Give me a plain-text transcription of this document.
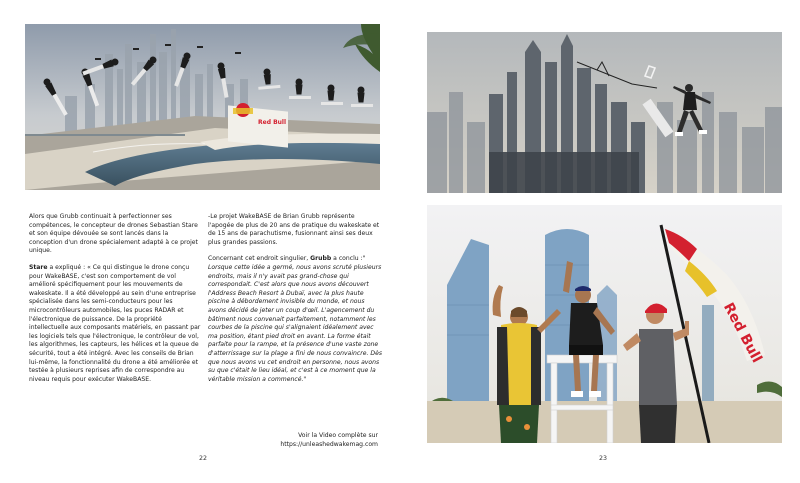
Red Bull

Alors que Grubb continuait à perfectionner ses compétences, le concepteur de drones Sebastian Stare et son équipe dévouée se sont lancés dans la conception d'un drone spécialement adapté à ce projet unique.

Stare a expliqué : « Ce qui distingue le drone conçu pour WakeBASE, c'est son comportement de vol amélioré spécifiquement pour les mouvements de wakeskate. Il a été développé au sein d'une entreprise spécialisée dans les semi-conducteurs pour les microcontrôleurs automobiles, les puces RADAR et l'électronique de puissance. De la propriété intellectuelle aux composants matériels, en passant par les logiciels tels que l'électronique, le contrôleur de vol, les algorithmes, les capteurs, les hélices et la queue de sécurité, tout a été intégré. Avec les conseils de Brian lui-même, la fonctionnalité du drone a été améliorée et testée à plusieurs reprises afin de correspondre au niveau requis pour exécuter WakeBASE.

-Le projet WakeBASE de Brian Grubb représente l'apogée de plus de 20 ans de pratique du wakeskate et de 15 ans de parachutisme, fusionnant ainsi ses deux plus grandes passions.

Concernant cet endroit singulier, Grubb a conclu :" Lorsque cette idée a germé, nous avons scruté plusieurs endroits, mais il n'y avait pas grand-chose qui correspondait. C'est alors que nous avons découvert l'Address Beach Resort à Dubaï, avec la plus haute piscine à débordement invisible du monde, et nous avons décidé de jeter un coup d'œil. L'agencement du bâtiment nous convenait parfaitement, notamment les courbes de la piscine qui s'alignaient idéalement avec ma position, étant pied droit en avant. La forme était parfaite pour la rampe, et la présence d'une vaste zone d'atterrissage sur la plage a fini de nous convaincre. Dès que nous avons vu cet endroit en personne, nous avons su que c'était le lieu idéal, et c'est à ce moment que la véritable mission a commencé."

Voir la Video complète sur
https://unleashedwakemag.com
22
Red Bull
23
